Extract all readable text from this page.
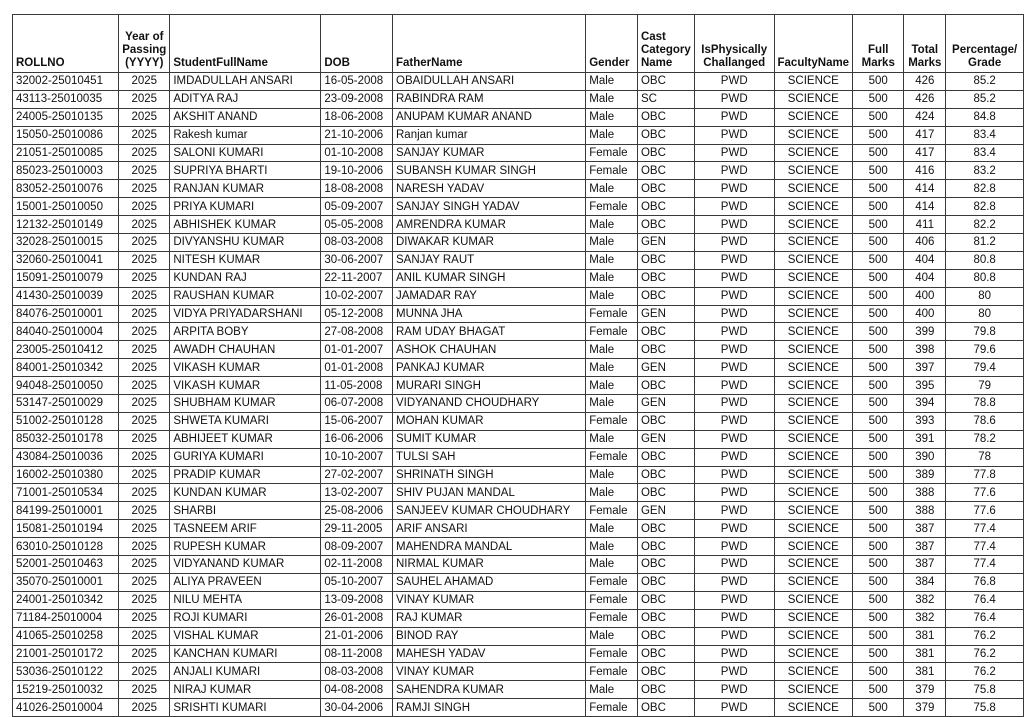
ROLLNO	Year of Passing (YYYY)	StudentFullName	DOB	FatherName	Gender	Cast Category Name	IsPhysically Challanged	FacultyName	Full Marks	Total Marks	Percentage/ Grade
32002-25010451	2025	IMDADULLAH ANSARI	16-05-2008	OBAIDULLAH ANSARI	Male	OBC	PWD	SCIENCE	500	426	85.2
43113-25010035	2025	ADITYA RAJ	23-09-2008	RABINDRA RAM	Male	SC	PWD	SCIENCE	500	426	85.2
24005-25010135	2025	AKSHIT ANAND	18-06-2008	ANUPAM KUMAR ANAND	Male	OBC	PWD	SCIENCE	500	424	84.8
15050-25010086	2025	Rakesh kumar	21-10-2006	Ranjan kumar	Male	OBC	PWD	SCIENCE	500	417	83.4
21051-25010085	2025	SALONI KUMARI	01-10-2008	SANJAY KUMAR	Female	OBC	PWD	SCIENCE	500	417	83.4
85023-25010003	2025	SUPRIYA BHARTI	19-10-2006	SUBANSH KUMAR SINGH	Female	OBC	PWD	SCIENCE	500	416	83.2
83052-25010076	2025	RANJAN KUMAR	18-08-2008	NARESH YADAV	Male	OBC	PWD	SCIENCE	500	414	82.8
15001-25010050	2025	PRIYA KUMARI	05-09-2007	SANJAY SINGH YADAV	Female	OBC	PWD	SCIENCE	500	414	82.8
12132-25010149	2025	ABHISHEK KUMAR	05-05-2008	AMRENDRA KUMAR	Male	OBC	PWD	SCIENCE	500	411	82.2
32028-25010015	2025	DIVYANSHU KUMAR	08-03-2008	DIWAKAR KUMAR	Male	GEN	PWD	SCIENCE	500	406	81.2
32060-25010041	2025	NITESH KUMAR	30-06-2007	SANJAY RAUT	Male	OBC	PWD	SCIENCE	500	404	80.8
15091-25010079	2025	KUNDAN RAJ	22-11-2007	ANIL KUMAR SINGH	Male	OBC	PWD	SCIENCE	500	404	80.8
41430-25010039	2025	RAUSHAN KUMAR	10-02-2007	JAMADAR RAY	Male	OBC	PWD	SCIENCE	500	400	80
84076-25010001	2025	VIDYA PRIYADARSHANI	05-12-2008	MUNNA JHA	Female	GEN	PWD	SCIENCE	500	400	80
84040-25010004	2025	ARPITA BOBY	27-08-2008	RAM UDAY BHAGAT	Female	OBC	PWD	SCIENCE	500	399	79.8
23005-25010412	2025	AWADH CHAUHAN	01-01-2007	ASHOK CHAUHAN	Male	OBC	PWD	SCIENCE	500	398	79.6
84001-25010342	2025	VIKASH KUMAR	01-01-2008	PANKAJ KUMAR	Male	GEN	PWD	SCIENCE	500	397	79.4
94048-25010050	2025	VIKASH KUMAR	11-05-2008	MURARI SINGH	Male	OBC	PWD	SCIENCE	500	395	79
53147-25010029	2025	SHUBHAM KUMAR	06-07-2008	VIDYANAND CHOUDHARY	Male	GEN	PWD	SCIENCE	500	394	78.8
51002-25010128	2025	SHWETA KUMARI	15-06-2007	MOHAN KUMAR	Female	OBC	PWD	SCIENCE	500	393	78.6
85032-25010178	2025	ABHIJEET KUMAR	16-06-2006	SUMIT KUMAR	Male	GEN	PWD	SCIENCE	500	391	78.2
43084-25010036	2025	GURIYA KUMARI	10-10-2007	TULSI SAH	Female	OBC	PWD	SCIENCE	500	390	78
16002-25010380	2025	PRADIP KUMAR	27-02-2007	SHRINATH SINGH	Male	OBC	PWD	SCIENCE	500	389	77.8
71001-25010534	2025	KUNDAN KUMAR	13-02-2007	SHIV PUJAN MANDAL	Male	OBC	PWD	SCIENCE	500	388	77.6
84199-25010001	2025	SHARBI	25-08-2006	SANJEEV KUMAR CHOUDHARY	Female	GEN	PWD	SCIENCE	500	388	77.6
15081-25010194	2025	TASNEEM ARIF	29-11-2005	ARIF ANSARI	Male	OBC	PWD	SCIENCE	500	387	77.4
63010-25010128	2025	RUPESH KUMAR	08-09-2007	MAHENDRA MANDAL	Male	OBC	PWD	SCIENCE	500	387	77.4
52001-25010463	2025	VIDYANAND KUMAR	02-11-2008	NIRMAL KUMAR	Male	OBC	PWD	SCIENCE	500	387	77.4
35070-25010001	2025	ALIYA PRAVEEN	05-10-2007	SAUHEL AHAMAD	Female	OBC	PWD	SCIENCE	500	384	76.8
24001-25010342	2025	NILU MEHTA	13-09-2008	VINAY KUMAR	Female	OBC	PWD	SCIENCE	500	382	76.4
71184-25010004	2025	ROJI KUMARI	26-01-2008	RAJ KUMAR	Female	OBC	PWD	SCIENCE	500	382	76.4
41065-25010258	2025	VISHAL KUMAR	21-01-2006	BINOD RAY	Male	OBC	PWD	SCIENCE	500	381	76.2
21001-25010172	2025	KANCHAN KUMARI	08-11-2008	MAHESH YADAV	Female	OBC	PWD	SCIENCE	500	381	76.2
53036-25010122	2025	ANJALI KUMARI	08-03-2008	VINAY KUMAR	Female	OBC	PWD	SCIENCE	500	381	76.2
15219-25010032	2025	NIRAJ KUMAR	04-08-2008	SAHENDRA KUMAR	Male	OBC	PWD	SCIENCE	500	379	75.8
41026-25010004	2025	SRISHTI KUMARI	30-04-2006	RAMJI SINGH	Female	OBC	PWD	SCIENCE	500	379	75.8
